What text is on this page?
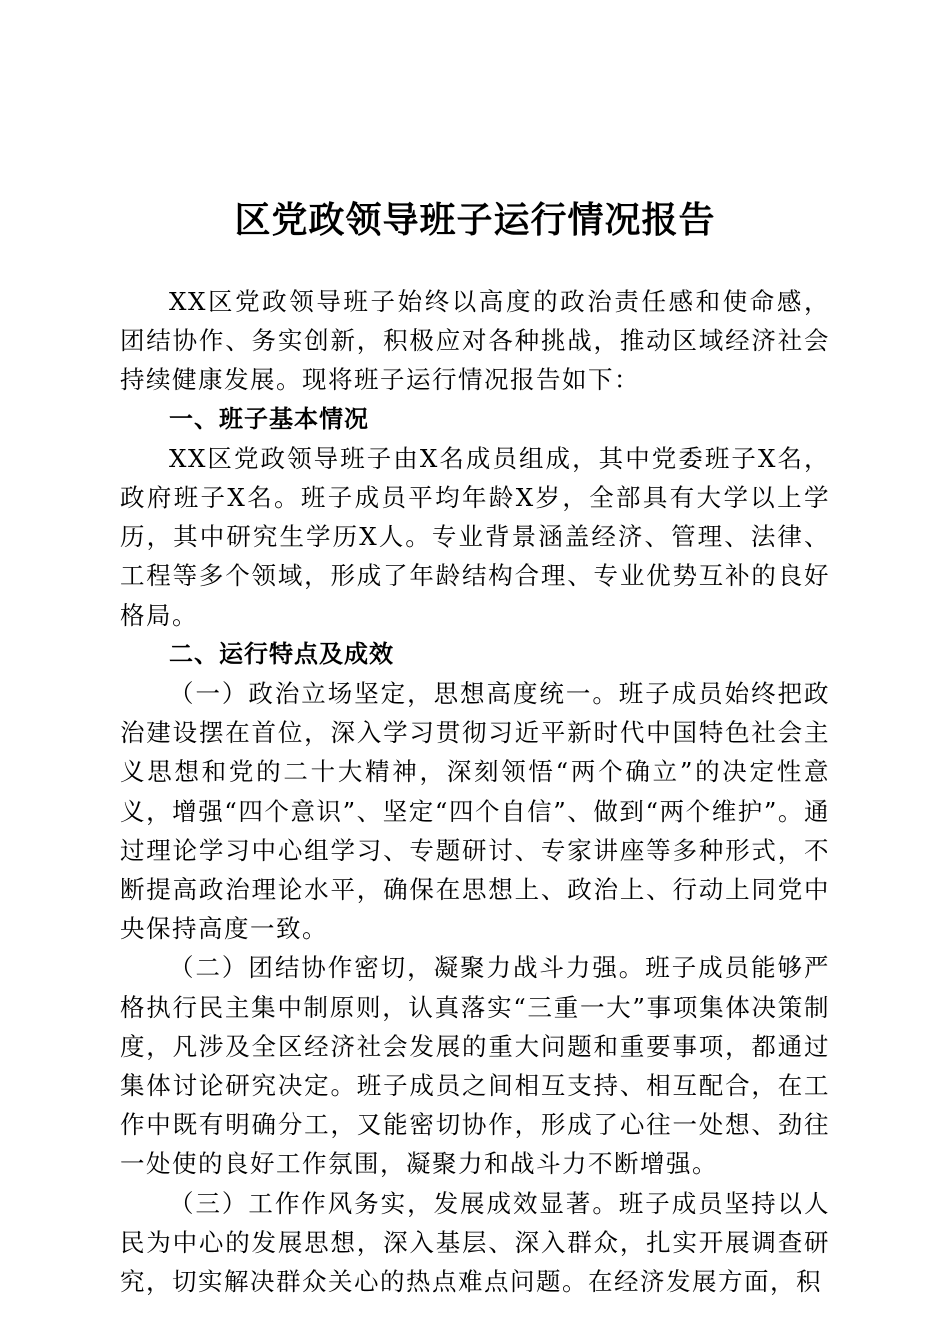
区党政领导班子运行情况报告

XX区党政领导班子始终以高度的政治责任感和使命感，团结协作、务实创新，积极应对各种挑战，推动区域经济社会持续健康发展。现将班子运行情况报告如下：

一、班子基本情况

XX区党政领导班子由X名成员组成，其中党委班子X名，政府班子X名。班子成员平均年龄X岁，全部具有大学以上学历，其中研究生学历X人。专业背景涵盖经济、管理、法律、工程等多个领域，形成了年龄结构合理、专业优势互补的良好格局。

二、运行特点及成效

（一）政治立场坚定，思想高度统一。班子成员始终把政治建设摆在首位，深入学习贯彻习近平新时代中国特色社会主义思想和党的二十大精神，深刻领悟“两个确立”的决定性意义，增强“四个意识”、坚定“四个自信”、做到“两个维护”。通过理论学习中心组学习、专题研讨、专家讲座等多种形式，不断提高政治理论水平，确保在思想上、政治上、行动上同党中央保持高度一致。

（二）团结协作密切，凝聚力战斗力强。班子成员能够严格执行民主集中制原则，认真落实“三重一大”事项集体决策制度，凡涉及全区经济社会发展的重大问题和重要事项，都通过集体讨论研究决定。班子成员之间相互支持、相互配合，在工作中既有明确分工，又能密切协作，形成了心往一处想、劲往一处使的良好工作氛围，凝聚力和战斗力不断增强。

（三）工作作风务实，发展成效显著。班子成员坚持以人民为中心的发展思想，深入基层、深入群众，扎实开展调查研究，切实解决群众关心的热点难点问题。在经济发展方面，积
